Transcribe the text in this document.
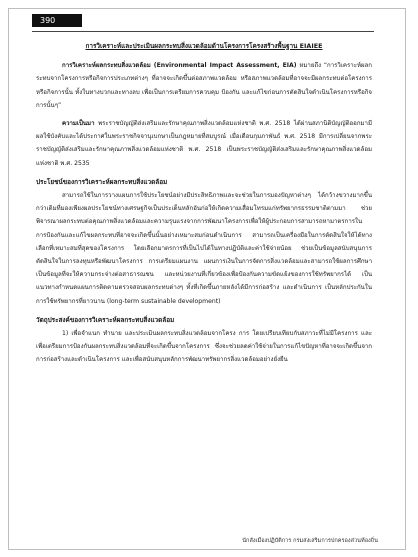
390
การวิเคราะห์และประเมินผลกระทบสิ่งแวดล้อมด้านโครงการโครงสร้างพื้นฐาน EIAIEE

การวิเคราะห์ผลกระทบสิ่งแวดล้อม (Environmental Impact Assessment, EIA) หมายถึง “การวิเคราะห์ผลกระทบจากโครงการหรือกิจการประเภทต่างๆ ที่อาจจะเกิดขึ้นต่อสภาพแวดล้อม หรือสภาพแวดล้อมที่อาจจะมีผลกระทบต่อโครงการหรือกิจการนั้น ทั้งในทางบวกและทางลบ เพื่อเป็นการเตรียมการควบคุม ป้องกัน และแก้ไขก่อนการตัดสินใจดำเนินโครงการหรือกิจการนั้นๆ”

ความเป็นมา พระราชบัญญัติส่งเสริมและรักษาคุณภาพสิ่งแวดล้อมแห่งชาติ พ.ศ. 2518 ได้ผ่านสภานิติบัญญัติออกมามีผลใช้บังคับและได้ประกาศในพระราชกิจจานุเบกษาเป็นกฎหมายที่สมบูรณ์ เมื่อเดือนกุมภาพันธ์ พ.ศ. 2518 มีการเปลี่ยนจากพระราชบัญญัติส่งเสริมและรักษาคุณภาพสิ่งแวดล้อมแห่งชาติ พ.ศ. 2518 เป็นพระราชบัญญัติส่งเสริมและรักษาคุณภาพสิ่งแวดล้อมแห่งชาติ พ.ศ. 2535

ประโยชน์ของการวิเคราะห์ผลกระทบสิ่งแวดล้อม

สามารถใช้ในการวางแผนการใช้ประโยชน์อย่างมีประสิทธิภาพและจะช่วยในการมองปัญหาต่างๆ ได้กว้างขวางมากขึ้นกว่าเดิมที่มองเพียงผลประโยชน์ทางเศรษฐกิจเป็นประเด็นหลักอันก่อให้เกิดความเสื่อมโทรมแก่ทรัพยากรธรรมชาติตามมา ช่วยพิจารณาผลกระทบต่อคุณภาพสิ่งแวดล้อมและความรุนแรงจากการพัฒนาโครงการเพื่อให้ผู้ประกอบการสามารถหามาตรการในการป้องกันและแก้ไขผลกระทบที่อาจจะเกิดขึ้นนั้นอย่างเหมาะสมก่อนดำเนินการ สามารถเป็นเครื่องมือในการตัดสินใจให้ได้ทางเลือกที่เหมาะสมที่สุดของโครงการ โดยเลือกมาตรการที่เป็นไปได้ในทางปฏิบัติและค่าใช้จ่ายน้อย ช่วยเป็นข้อมูลสนับสนุนการตัดสินใจในการลงทุนหรือพัฒนาโครงการ การเตรียมแผนงาน แผนการเงินในการจัดการสิ่งแวดล้อมและสามารถใช้ผลการศึกษาเป็นข้อมูลที่จะให้ความกระจ่างต่อสาธารณชน และหน่วยงานที่เกี่ยวข้องเพื่อป้องกันความขัดแย้งของการใช้ทรัพยากรได้ เป็นแนวทางกำหนดแผนการติดตามตรวจสอบผลกระทบต่างๆ ทั้งที่เกิดขึ้นภายหลังได้มีการก่อสร้าง และดำเนินการ เป็นหลักประกันในการใช้ทรัพยากรที่ยาวนาน (long-term sustainable development)

วัตถุประสงค์ของการวิเคราะห์ผลกระทบสิ่งแวดล้อม

1) เพื่อจำแนก ทำนาย และประเมินผลกระทบสิ่งแวดล้อมจากโครง การ โดยเปรียบเทียบกับสภาวะที่ไม่มีโครงการ และเพื่อเตรียมการป้องกันผลกระทบสิ่งแวดล้อมที่จะเกิดขึ้นจากโครงการ ซึ่งจะช่วยลดค่าใช้จ่ายในการแก้ไขปัญหาที่อาจจะเกิดขึ้นจากการก่อสร้างและดำเนินโครงการ และเพื่อสนับสนุนหลักการพัฒนาทรัพยากรสิ่งแวดล้อมอย่างยั่งยืน

นักสังเมืองปฏิบัติการ กรมส่งเสริมการปกครองส่วนท้องถิ่น
